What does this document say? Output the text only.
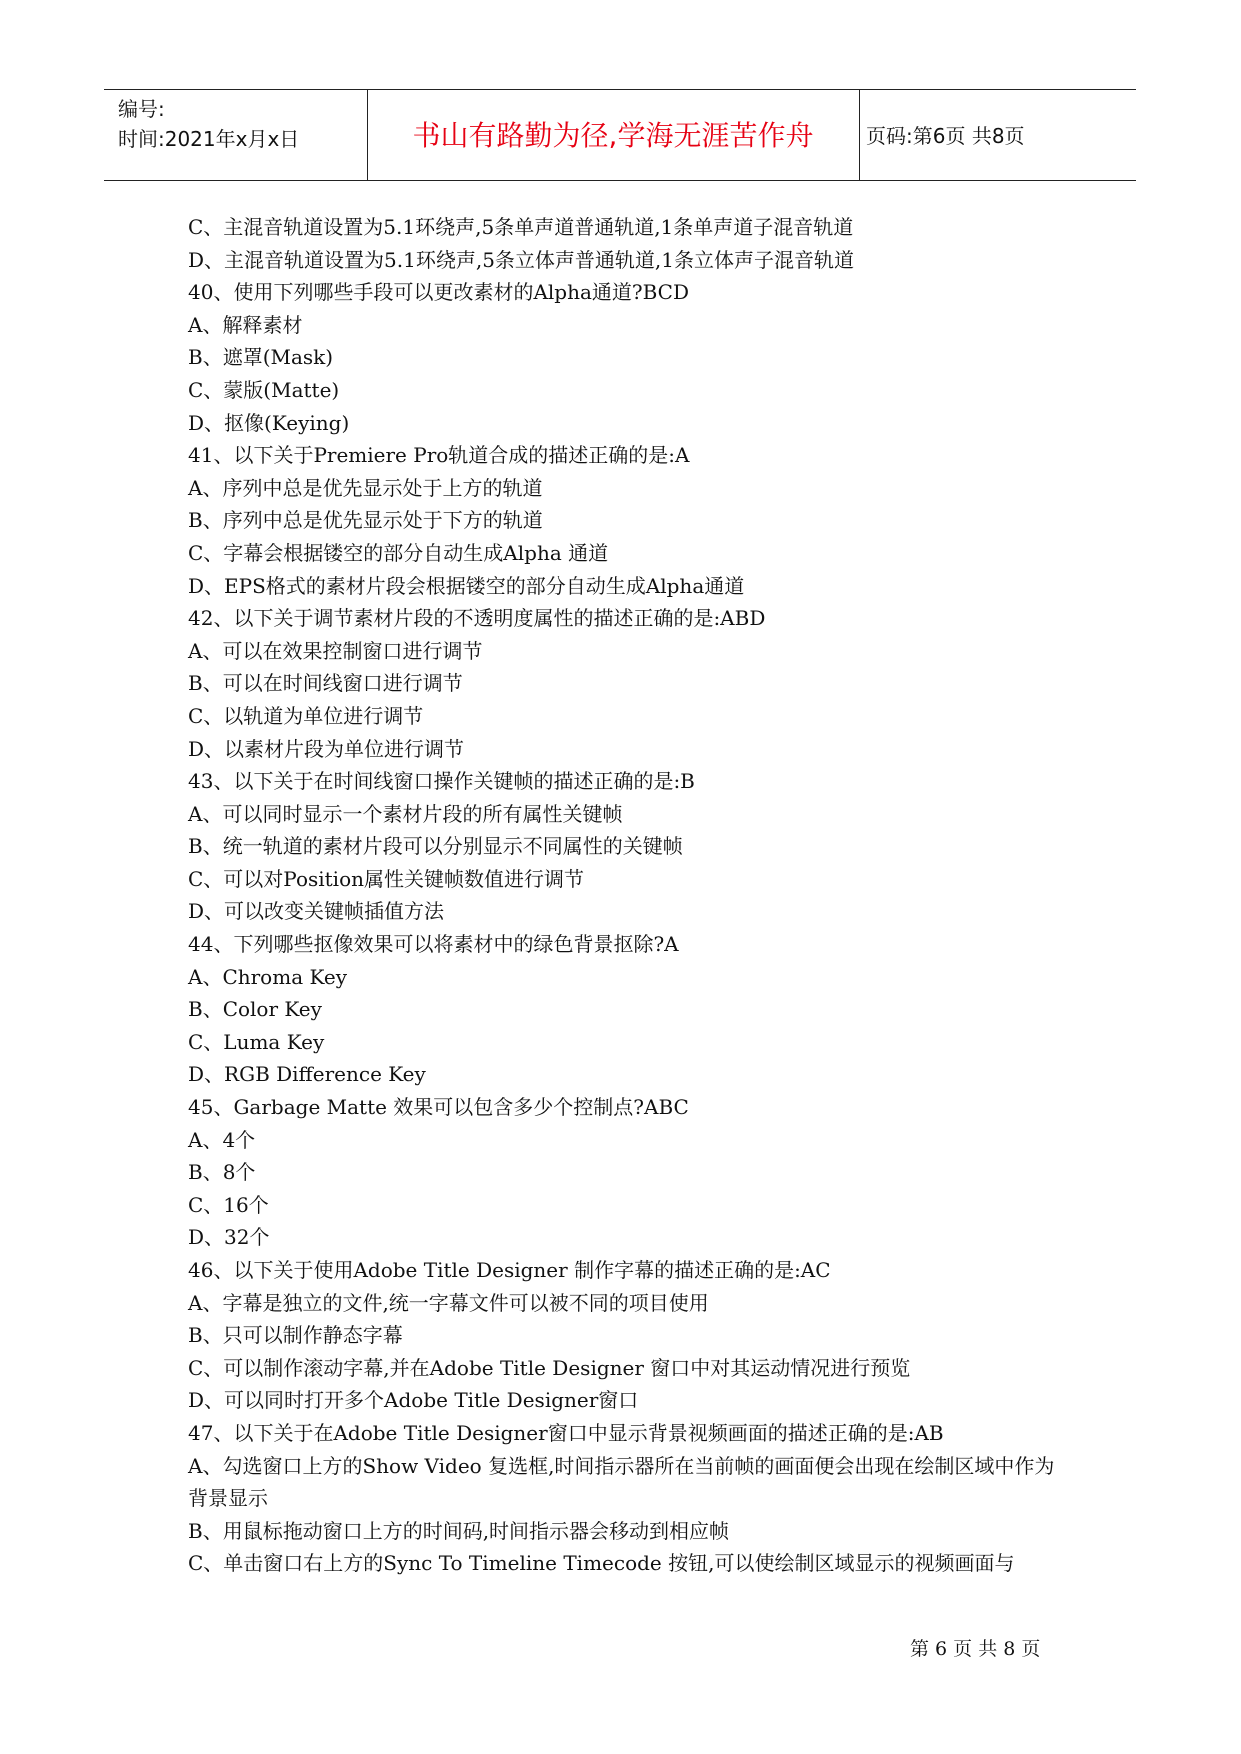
编号:
时间:2021年x月x日	书山有路勤为径,学海无涯苦作舟	页码:第6页 共8页
C、主混音轨道设置为5.1环绕声,5条单声道普通轨道,1条单声道子混音轨道
D、主混音轨道设置为5.1环绕声,5条立体声普通轨道,1条立体声子混音轨道
40、使用下列哪些手段可以更改素材的Alpha通道?BCD
A、解释素材
B、遮罩(Mask)
C、蒙版(Matte)
D、抠像(Keying)
41、以下关于Premiere Pro轨道合成的描述正确的是:A
A、序列中总是优先显示处于上方的轨道
B、序列中总是优先显示处于下方的轨道
C、字幕会根据镂空的部分自动生成Alpha 通道
D、EPS格式的素材片段会根据镂空的部分自动生成Alpha通道
42、以下关于调节素材片段的不透明度属性的描述正确的是:ABD
A、可以在效果控制窗口进行调节
B、可以在时间线窗口进行调节
C、以轨道为单位进行调节
D、以素材片段为单位进行调节
43、以下关于在时间线窗口操作关键帧的描述正确的是:B
A、可以同时显示一个素材片段的所有属性关键帧
B、统一轨道的素材片段可以分别显示不同属性的关键帧
C、可以对Position属性关键帧数值进行调节
D、可以改变关键帧插值方法
44、下列哪些抠像效果可以将素材中的绿色背景抠除?A
A、Chroma Key
B、Color Key
C、Luma Key
D、RGB Difference Key
45、Garbage Matte 效果可以包含多少个控制点?ABC
A、4个
B、8个
C、16个
D、32个
46、以下关于使用Adobe Title Designer 制作字幕的描述正确的是:AC
A、字幕是独立的文件,统一字幕文件可以被不同的项目使用
B、只可以制作静态字幕
C、可以制作滚动字幕,并在Adobe Title Designer 窗口中对其运动情况进行预览
D、可以同时打开多个Adobe Title Designer窗口
47、以下关于在Adobe Title Designer窗口中显示背景视频画面的描述正确的是:AB
A、勾选窗口上方的Show Video 复选框,时间指示器所在当前帧的画面便会出现在绘制区域中作为背景显示
B、用鼠标拖动窗口上方的时间码,时间指示器会移动到相应帧
C、单击窗口右上方的Sync To Timeline Timecode 按钮,可以使绘制区域显示的视频画面与
第 6 页 共 8 页
